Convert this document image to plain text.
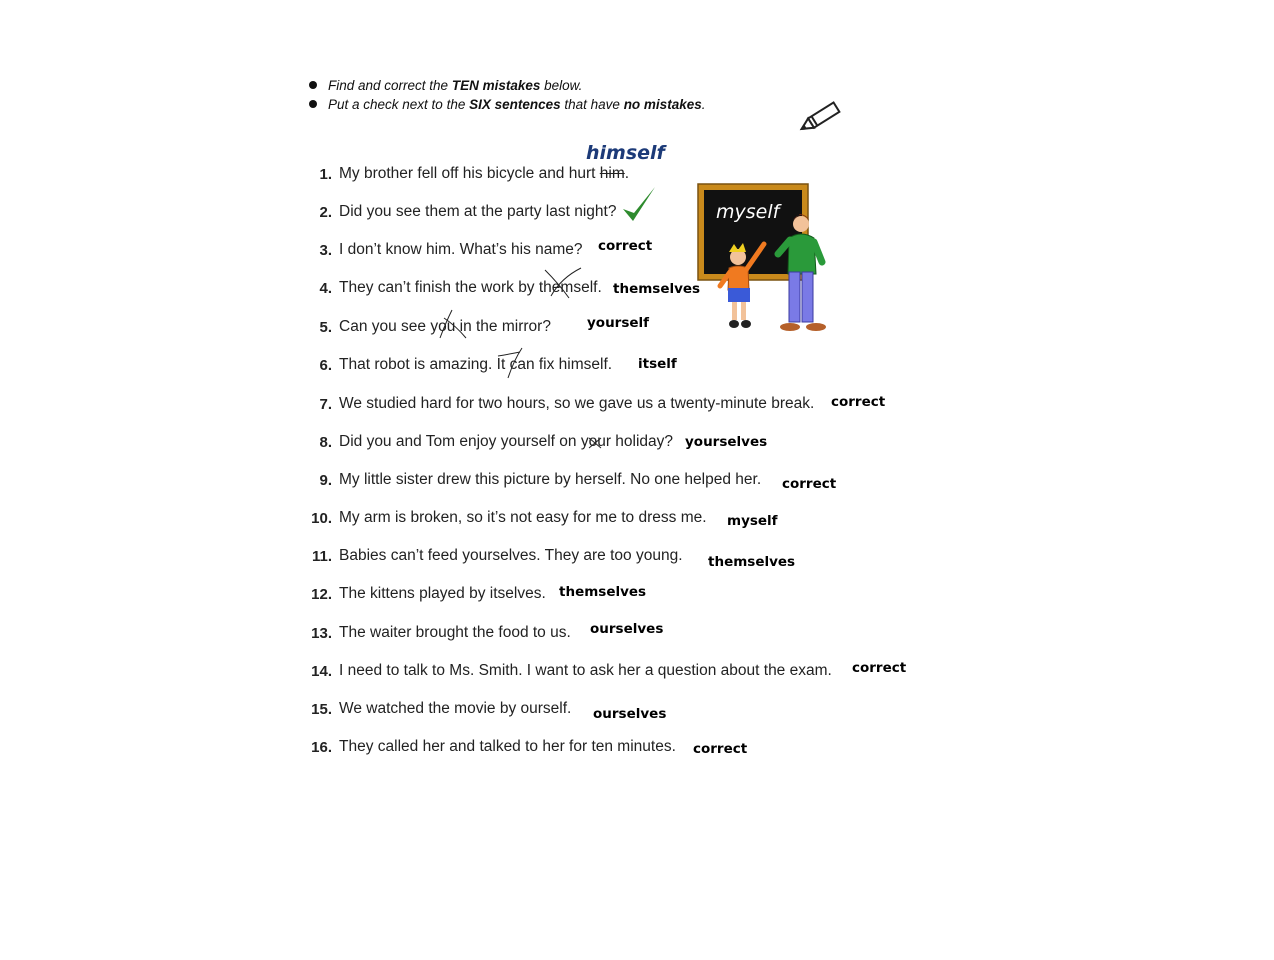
Find and correct the TEN mistakes below.
Put a check next to the SIX sentences that have no mistakes.
myself
1. My brother fell off his bicycle and hurt him.
himself
2. Did you see them at the party last night?
3. I don’t know him. What’s his name? correct
4. They can’t finish the work by themself. themselves
5. Can you see you in the mirror?	yourself
6. That robot is amazing. It can fix himself. itself
7. We studied hard for two hours, so we gave us a twenty-minute break. correct
8. Did you and Tom enjoy yourself on your holiday? yourselves
9. My little sister drew this picture by herself. No one helped her. correct
10. My arm is broken, so it’s not easy for me to dress me. myself
11. Babies can’t feed yourselves. They are too young. themselves
12. The kittens played by itselves. themselves
13. The waiter brought the food to us. ourselves
14. I need to talk to Ms. Smith. I want to ask her a question about the exam. correct
15. We watched the movie by ourself. ourselves
16. They called her and talked to her for ten minutes. correct
